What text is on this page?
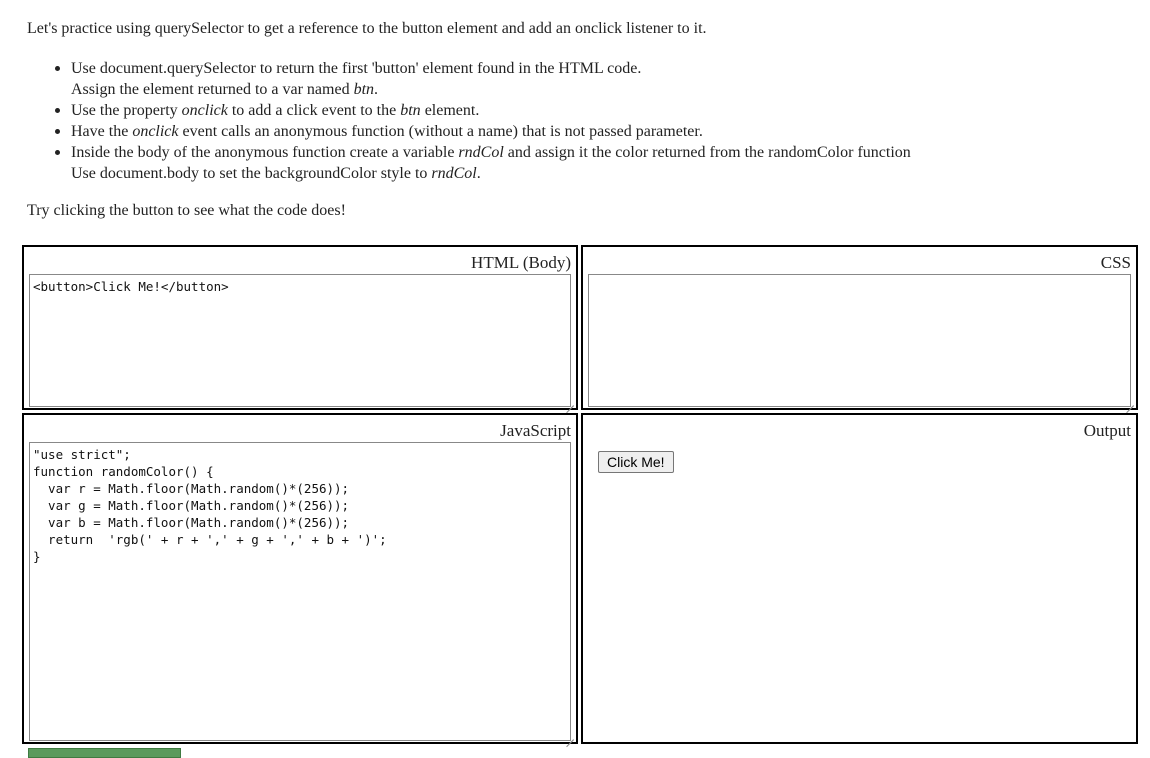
Let's practice using querySelector to get a reference to the button element and add an onclick listener to it.

Use document.querySelector to return the first 'button' element found in the HTML code.
Assign the element returned to a var named btn.
Use the property onclick to add a click event to the btn element.
Have the onclick event calls an anonymous function (without a name) that is not passed parameter.
Inside the body of the anonymous function create a variable rndCol and assign it the color returned from the randomColor function
Use document.body to set the backgroundColor style to rndCol.

Try clicking the button to see what the code does!

HTML (Body)
<button>Click Me!</button>
CSS
JavaScript
"use strict";
function randomColor() {
var r = Math.floor(Math.random()*(256));
var g = Math.floor(Math.random()*(256));
var b = Math.floor(Math.random()*(256));
return  'rgb(' + r + ',' + g + ',' + b + ')';
}
Output
Click Me!
